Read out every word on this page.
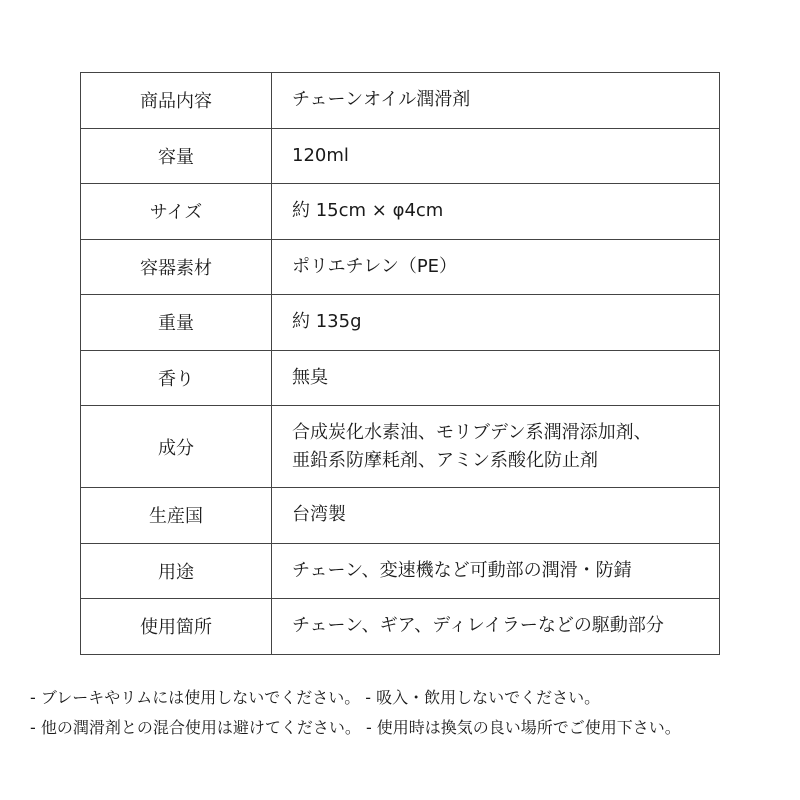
商品内容	チェーンオイル潤滑剤
容量	120ml
サイズ	約 15cm × φ4cm
容器素材	ポリエチレン（PE）
重量	約 135g
香り	無臭
成分	合成炭化水素油、モリブデン系潤滑添加剤、
亜鉛系防摩耗剤、アミン系酸化防止剤

生産国	台湾製
用途	チェーン、変速機など可動部の潤滑・防錆
使用箇所	チェーン、ギア、ディレイラーなどの駆動部分
- ブレーキやリムには使用しないでください。 - 吸入・飲用しないでください。
- 他の潤滑剤との混合使用は避けてください。 - 使用時は換気の良い場所でご使用下さい。
